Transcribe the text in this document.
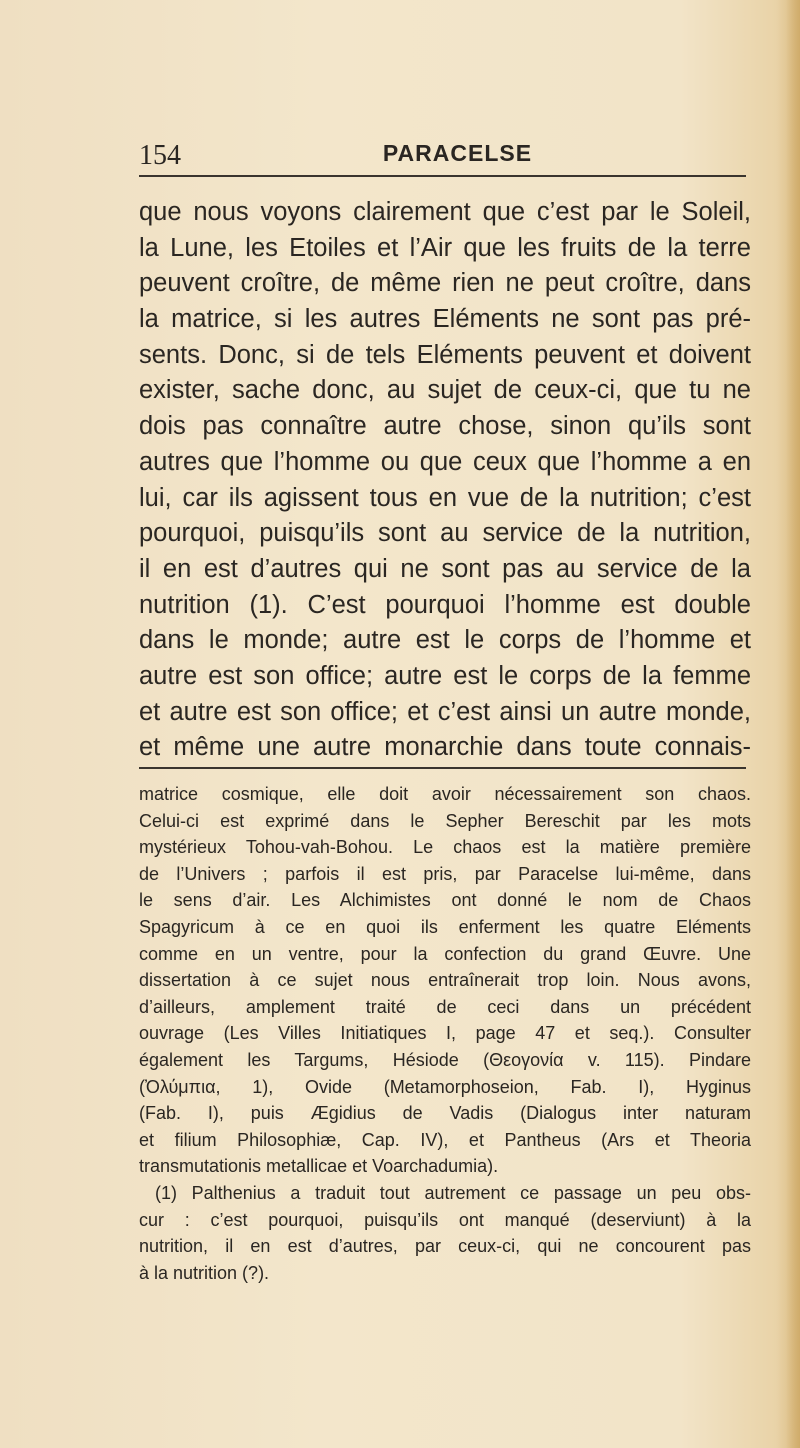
154	PARACELSE
que nous voyons clairement que c’est par le Soleil,
la Lune, les Etoiles et l’Air que les fruits de la terre
peuvent croître, de même rien ne peut croître, dans
la matrice, si les autres Eléments ne sont pas pré-
sents. Donc, si de tels Eléments peuvent et doivent
exister, sache donc, au sujet de ceux-ci, que tu ne
dois pas connaître autre chose, sinon qu’ils sont
autres que l’homme ou que ceux que l’homme a en
lui, car ils agissent tous en vue de la nutrition; c’est
pourquoi, puisqu’ils sont au service de la nutrition,
il en est d’autres qui ne sont pas au service de la
nutrition (1). C’est pourquoi l’homme est double
dans le monde; autre est le corps de l’homme et
autre est son office; autre est le corps de la femme
et autre est son office; et c’est ainsi un autre monde,
et même une autre monarchie dans toute connais-
matrice cosmique, elle doit avoir nécessairement son chaos.
Celui-ci est exprimé dans le Sepher Bereschit par les mots
mystérieux Tohou-vah-Bohou. Le chaos est la matière première
de l’Univers ; parfois il est pris, par Paracelse lui-même, dans
le sens d’air. Les Alchimistes ont donné le nom de Chaos
Spagyricum à ce en quoi ils enferment les quatre Eléments
comme en un ventre, pour la confection du grand Œuvre. Une
dissertation à ce sujet nous entraînerait trop loin. Nous avons,
d’ailleurs, amplement traité de ceci dans un précédent
ouvrage (Les Villes Initiatiques I, page 47 et seq.). Consulter
également les Targums, Hésiode (Θεογονία v. 115). Pindare
(Ὀλύμπια, 1), Ovide (Metamorphoseion, Fab. I), Hyginus
(Fab. I), puis Ægidius de Vadis (Dialogus inter naturam
et filium Philosophiæ, Cap. IV), et Pantheus (Ars et Theoria
transmutationis metallicae et Voarchadumia).
(1) Palthenius a traduit tout autrement ce passage un peu obs-
cur : c’est pourquoi, puisqu’ils ont manqué (deserviunt) à la
nutrition, il en est d’autres, par ceux-ci, qui ne concourent pas
à la nutrition (?).
